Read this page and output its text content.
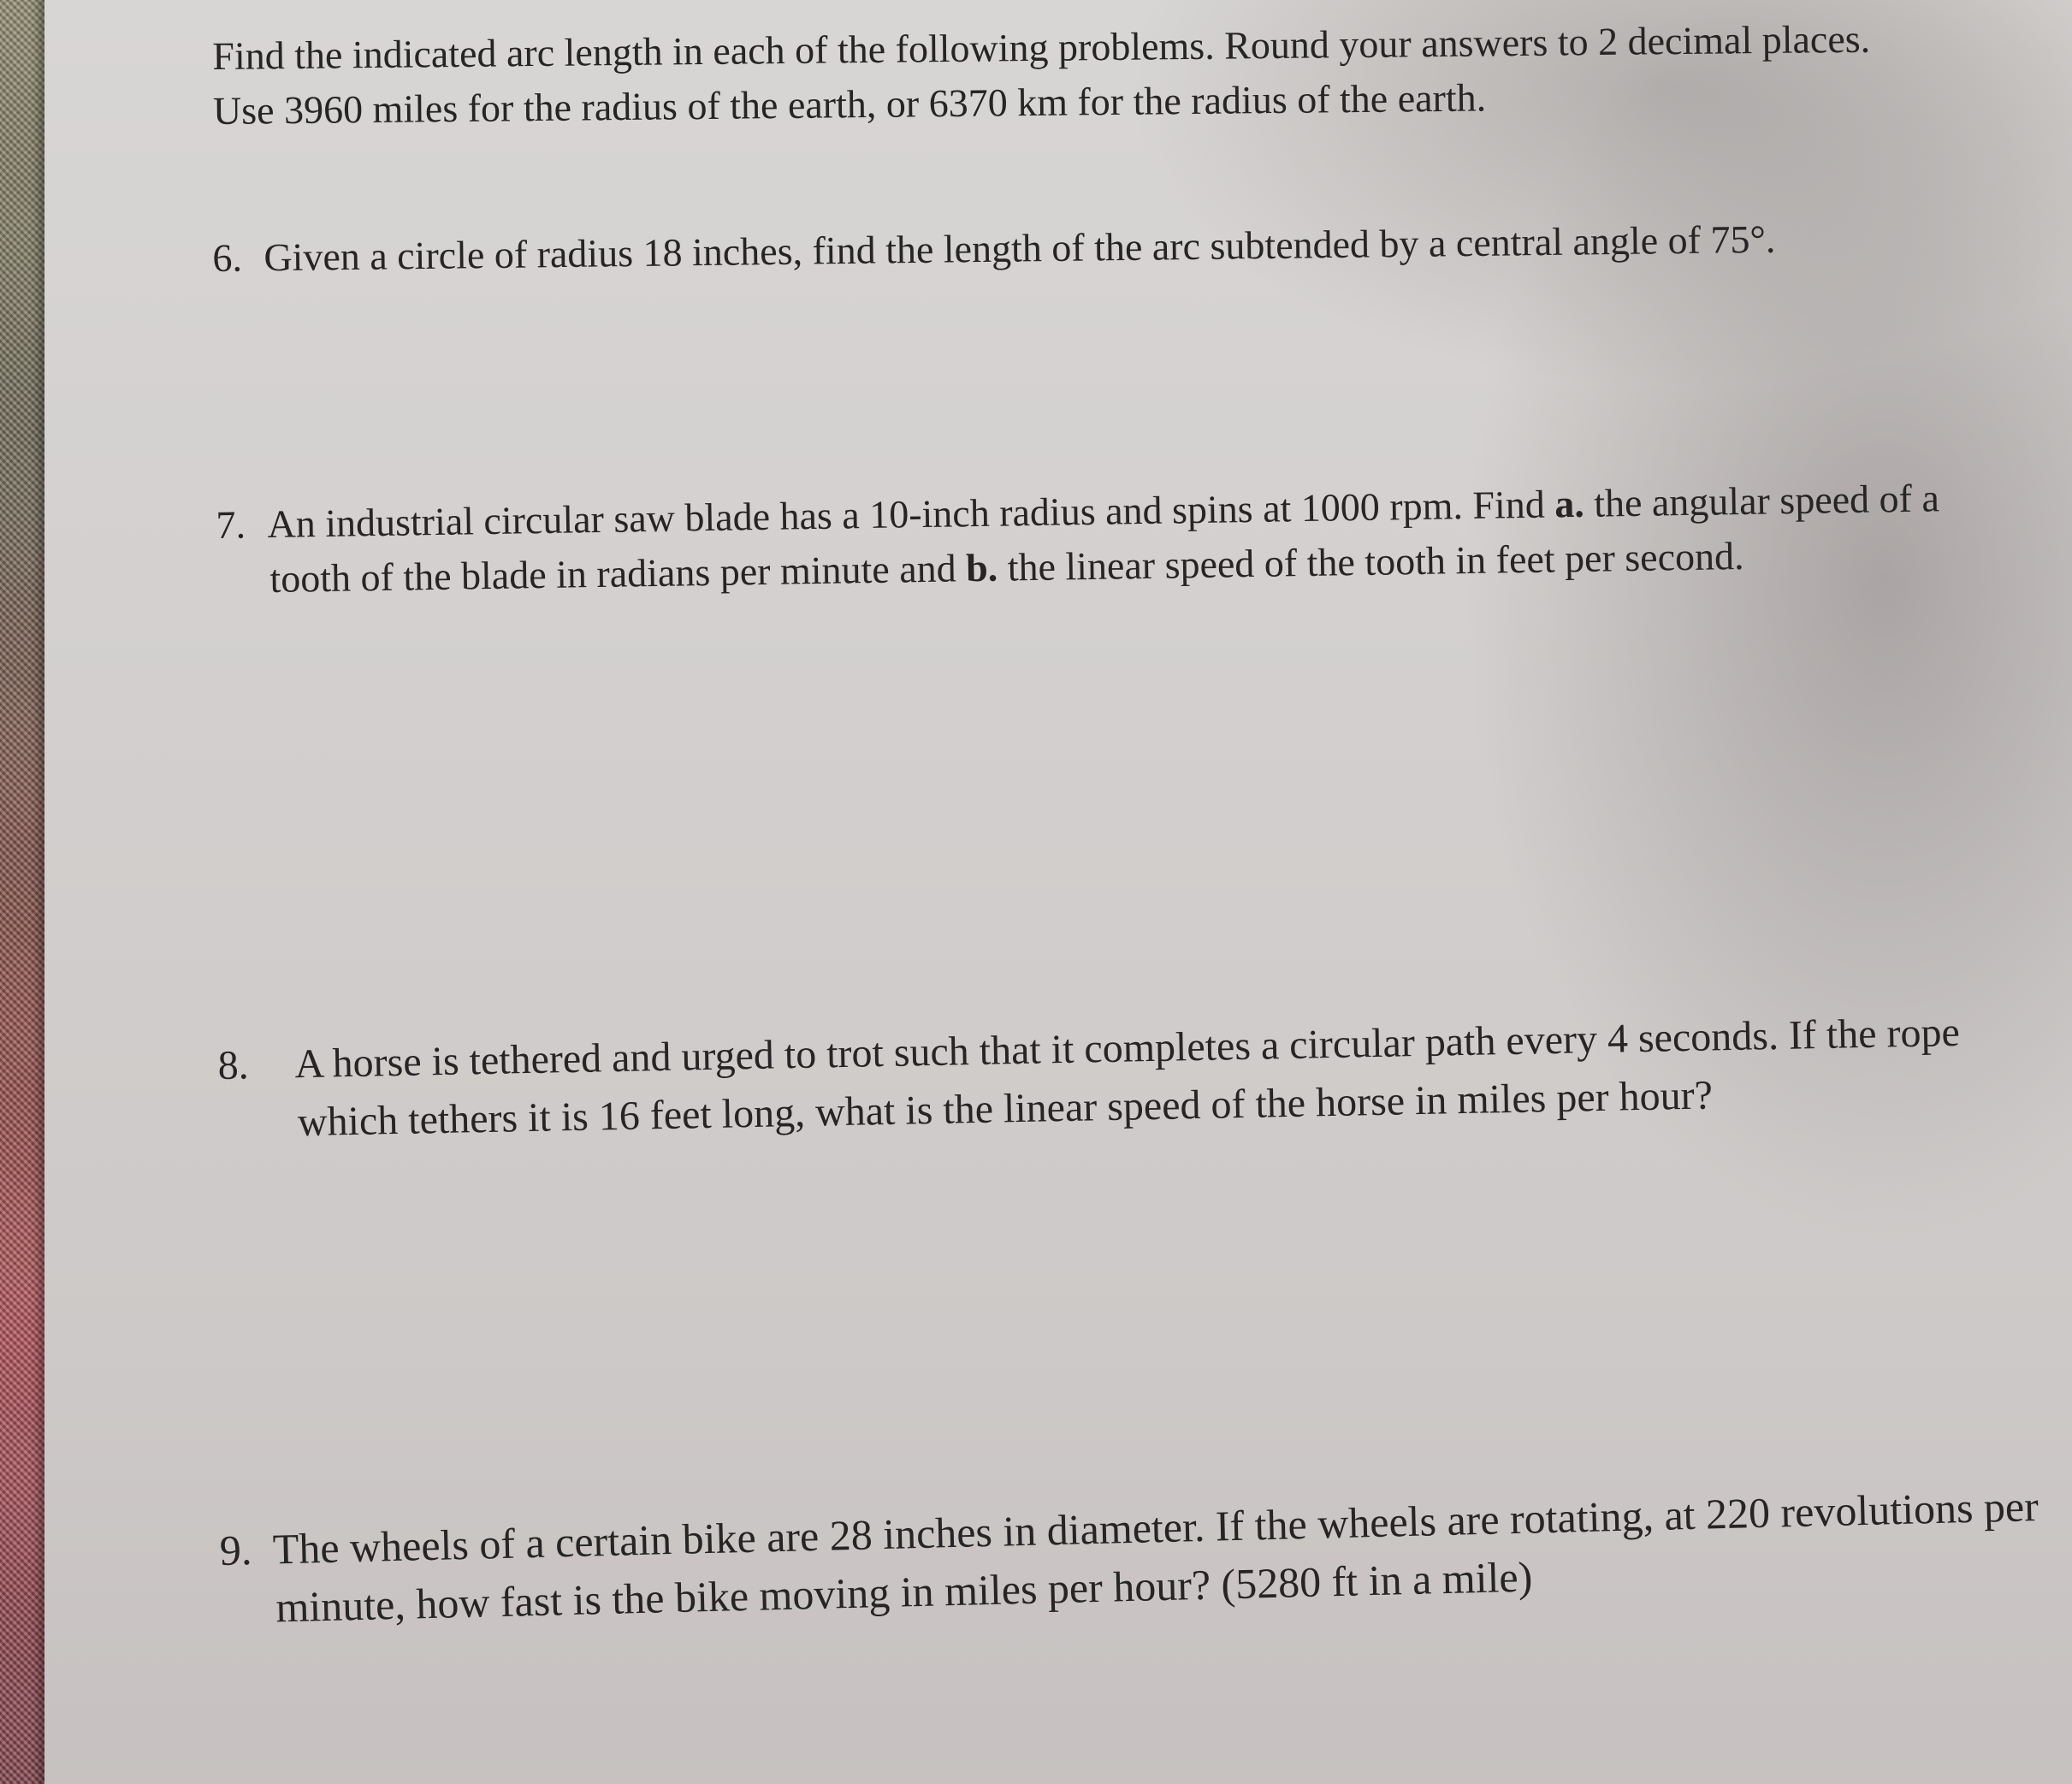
Find the indicated arc length in each of the following problems. Round your answers to 2 decimal places. Use 3960 miles for the radius of the earth, or 6370 km for the radius of the earth.
6. Given a circle of radius 18 inches, find the length of the arc subtended by a central angle of 75°.
7. An industrial circular saw blade has a 10-inch radius and spins at 1000 rpm. Find a. the angular speed of a tooth of the blade in radians per minute and b. the linear speed of the tooth in feet per second.
8.	A horse is tethered and urged to trot such that it completes a circular path every 4 seconds. If the rope which tethers it is 16 feet long, what is the linear speed of the horse in miles per hour?
9. The wheels of a certain bike are 28 inches in diameter. If the wheels are rotating, at 220 revolutions per minute, how fast is the bike moving in miles per hour? (5280 ft in a mile)
